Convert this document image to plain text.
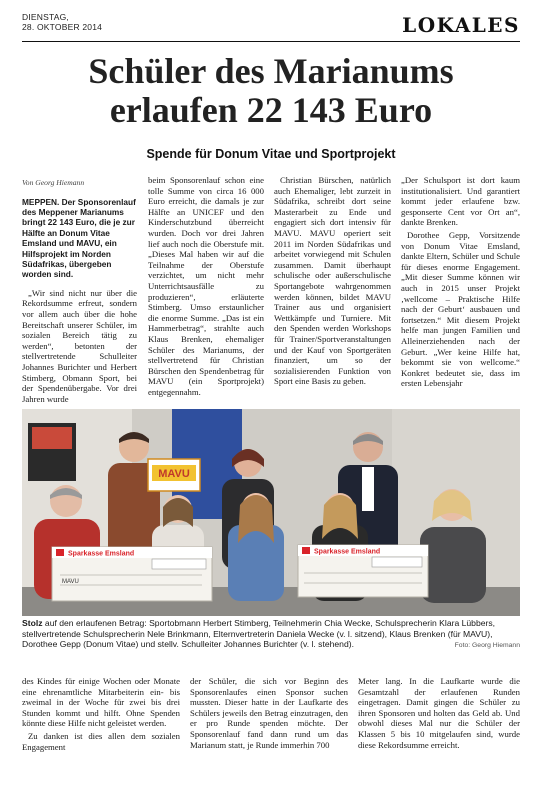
DIENSTAG,
28. OKTOBER 2014	LOKALES
Schüler des Marianums
erlaufen 22 143 Euro
Spende für Donum Vitae und Sportprojekt
Von Georg Hiemann
MEPPEN. Der Sponsorenlauf des Meppener Marianums bringt 22 143 Euro, die je zur Hälfte an Donum Vitae Emsland und MAVU, ein Hilfsprojekt im Norden Südafrikas, übergeben worden sind.

„Wir sind nicht nur über die Rekordsumme erfreut, sondern vor allem auch über die hohe Bereitschaft unserer Schüler, im sozialen Bereich tätig zu werden“, betonten der stellvertretende Schulleiter Johannes Burichter und Herbert Stimberg, Obmann Sport, bei der Spendenübergabe. Vor drei Jahren wurde

beim Sponsorenlauf schon eine tolle Summe von circa 16 000 Euro erreicht, die damals je zur Hälfte an UNICEF und den Kinderschutzbund überreicht wurden. Doch vor drei Jahren lief auch noch die Oberstufe mit. „Dieses Mal haben wir auf die Teilnahme der Oberstufe verzichtet, um nicht mehr Unterrichtsausfälle zu produzieren“, erläuterte Stimberg. Umso erstaunlicher die enorme Summe. „Das ist ein Hammerbetrag“, strahlte auch Klaus Brenken, ehemaliger Schüler des Marianums, der stellvertretend für Christian Bürschen den Spendenbetrag für MAVU (ein Sportprojekt) entgegennahm.

Christian Bürschen, natürlich auch Ehemaliger, lebt zurzeit in Südafrika, schreibt dort seine Masterarbeit zu Ende und engagiert sich dort intensiv für MAVU. MAVU operiert seit 2011 im Norden Südafrikas und arbeitet vorwiegend mit Schulen zusammen. Damit überhaupt schulische oder außerschulische Sportangebote wahrgenommen werden können, bildet MAVU Trainer aus und organisiert Wettkämpfe und Turniere. Mit den Spenden werden Workshops für Trainer/Sportveranstaltungen und der Kauf von Sportgeräten finanziert, um so der sozialisierenden Funktion von Sport eine Basis zu geben.

„Der Schulsport ist dort kaum institutionalisiert. Und garantiert kommt jeder erlaufene bzw. gesponserte Cent vor Ort an“, dankte Brenken.

Dorothee Gepp, Vorsitzende von Donum Vitae Emsland, dankte Eltern, Schüler und Schule für dieses enorme Engagement. „Mit dieser Summe können wir auch in 2015 unser Projekt ‚wellcome – Praktische Hilfe nach der Geburt‘ ausbauen und fortsetzen.“ Mit diesem Projekt helfe man jungen Familien und Alleinerziehenden nach der Geburt. „Wer keine Hilfe hat, bekommt sie von wellcome.“ Konkret bedeutet sie, dass im ersten Lebensjahr

MAVU
Sparkasse Emsland
MAVU
Sparkasse Emsland
Stolz auf den erlaufenen Betrag: Sportobmann Herbert Stimberg, Teilnehmerin Chia Wecke, Schulsprecherin Klara Lübbers, stellvertretende Schulsprecherin Nele Brinkmann, Elternvertreterin Daniela Wecke (v. l. sitzend), Klaus Brenken (für MAVU), Dorothee Gepp (Donum Vitae) und stellv. Schulleiter Johannes Burichter (v. l. stehend).	Foto: Georg Hiemann

des Kindes für einige Wochen oder Monate eine ehrenamtliche Mitarbeiterin ein- bis zweimal in der Woche für zwei bis drei Stunden kommt und hilft. Ohne Spenden könnte diese Hilfe nicht geleistet werden.

Zu danken ist dies allen dem sozialen Engagement

der Schüler, die sich vor Beginn des Sponsorenlaufes einen Sponsor suchen mussten. Dieser hatte in der Laufkarte des Schülers jeweils den Betrag einzutragen, den er pro Runde spenden möchte. Der Sponsorenlauf fand dann rund um das Marianum statt, je Runde immerhin 700

Meter lang. In die Laufkarte wurde die Gesamtzahl der erlaufenen Runden eingetragen. Damit gingen die Schüler zu ihren Sponsoren und holten das Geld ab. Und obwohl dieses Mal nur die Schüler der Klassen 5 bis 10 mitgelaufen sind, wurde diese Rekordsumme erreicht.
